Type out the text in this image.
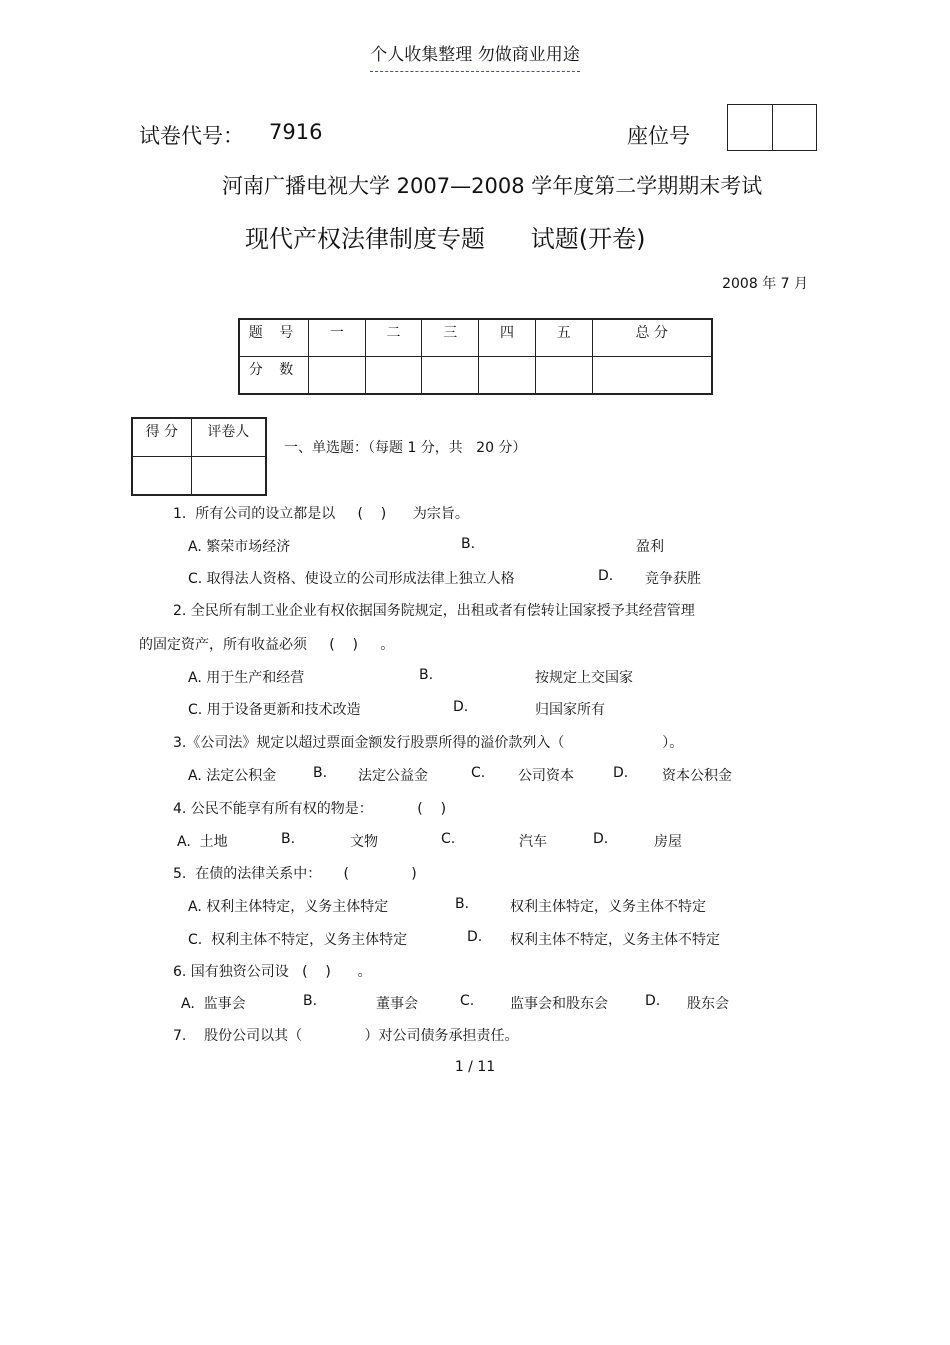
个人收集整理 勿做商业用途
试卷代号： 7916	座位号
河南广播电视大学 2007—2008 学年度第二学期期末考试
现代产权法律制度专题      试题(开卷)
2008 年 7 月
题 号	一	二	三	四	五	总 分
分 数						
得 分	评卷人

一、单选题：（每题 1 分，共   20 分）
1.  所有公司的设立都是以     (    )      为宗旨。
A. 繁荣市场经济	B.	盈利
C. 取得法人资格、使设立的公司形成法律上独立人格	D. 竞争获胜
2. 全民所有制工业企业有权依据国务院规定，出租或者有偿转让国家授予其经营管理
的固定资产，所有收益必须     (    )     。
A. 用于生产和经营	B.	按规定上交国家
C. 用于设备更新和技术改造	D.	归国家所有
3.《公司法》规定以超过票面金额发行股票所得的溢价款列入（                      ）。
A. 法定公积金	B. 法定公益金	C. 公司资本	D. 资本公积金
4. 公民不能享有所有权的物是：          (    )
A.  土地	B.	文物	C.	汽车	D.	房屋
5.  在债的法律关系中：     (              )
A. 权利主体特定，义务主体特定	B.	权利主体特定，义务主体不特定
C.  权利主体不特定，义务主体特定	D. 权利主体不特定，义务主体不特定
6. 国有独资公司设   (    )      。
A.  监事会	B.	董事会	C.	监事会和股东会	D. 股东会
7.    股份公司以其（              ）对公司债务承担责任。
1 / 11
